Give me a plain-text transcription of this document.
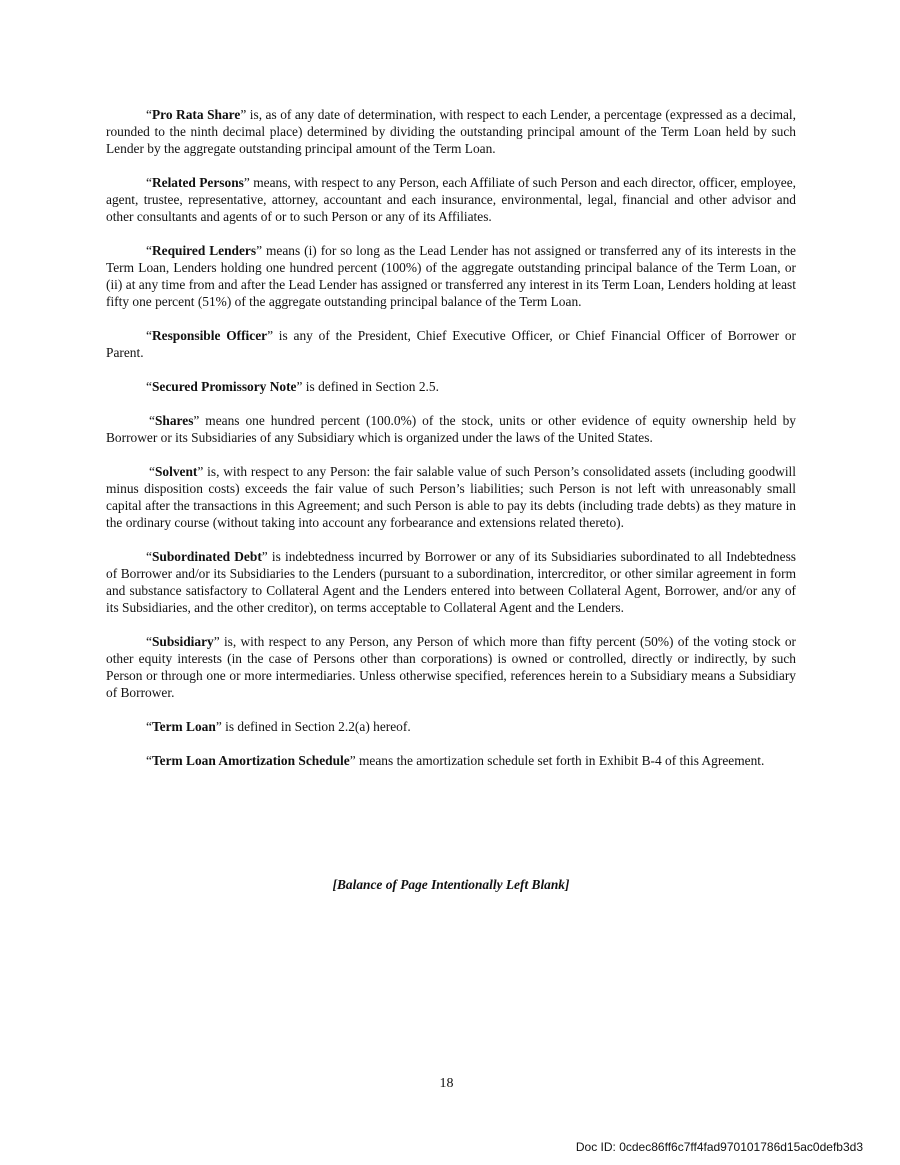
“Pro Rata Share” is, as of any date of determination, with respect to each Lender, a percentage (expressed as a decimal, rounded to the ninth decimal place) determined by dividing the outstanding principal amount of the Term Loan held by such Lender by the aggregate outstanding principal amount of the Term Loan.

“Related Persons” means, with respect to any Person, each Affiliate of such Person and each director, officer, employee, agent, trustee, representative, attorney, accountant and each insurance, environmental, legal, financial and other advisor and other consultants and agents of or to such Person or any of its Affiliates.

“Required Lenders” means (i) for so long as the Lead Lender has not assigned or transferred any of its interests in the Term Loan, Lenders holding one hundred percent (100%) of the aggregate outstanding principal balance of the Term Loan, or (ii) at any time from and after the Lead Lender has assigned or transferred any interest in its Term Loan, Lenders holding at least fifty one percent (51%) of the aggregate outstanding principal balance of the Term Loan.

“Responsible Officer” is any of the President, Chief Executive Officer, or Chief Financial Officer of Borrower or Parent.

“Secured Promissory Note” is defined in Section 2.5.

“Shares” means one hundred percent (100.0%) of the stock, units or other evidence of equity ownership held by Borrower or its Subsidiaries of any Subsidiary which is organized under the laws of the United States.

“Solvent” is, with respect to any Person: the fair salable value of such Person’s consolidated assets (including goodwill minus disposition costs) exceeds the fair value of such Person’s liabilities; such Person is not left with unreasonably small capital after the transactions in this Agreement; and such Person is able to pay its debts (including trade debts) as they mature in the ordinary course (without taking into account any forbearance and extensions related thereto).

“Subordinated Debt” is indebtedness incurred by Borrower or any of its Subsidiaries subordinated to all Indebtedness of Borrower and/or its Subsidiaries to the Lenders (pursuant to a subordination, intercreditor, or other similar agreement in form and substance satisfactory to Collateral Agent and the Lenders entered into between Collateral Agent, Borrower, and/or any of its Subsidiaries, and the other creditor), on terms acceptable to Collateral Agent and the Lenders.

“Subsidiary” is, with respect to any Person, any Person of which more than fifty percent (50%) of the voting stock or other equity interests (in the case of Persons other than corporations) is owned or controlled, directly or indirectly, by such Person or through one or more intermediaries. Unless otherwise specified, references herein to a Subsidiary means a Subsidiary of Borrower.

“Term Loan” is defined in Section 2.2(a) hereof.

“Term Loan Amortization Schedule” means the amortization schedule set forth in Exhibit B-4 of this Agreement.

[Balance of Page Intentionally Left Blank]
18
Doc ID: 0cdec86ff6c7ff4fad970101786d15ac0defb3d3
